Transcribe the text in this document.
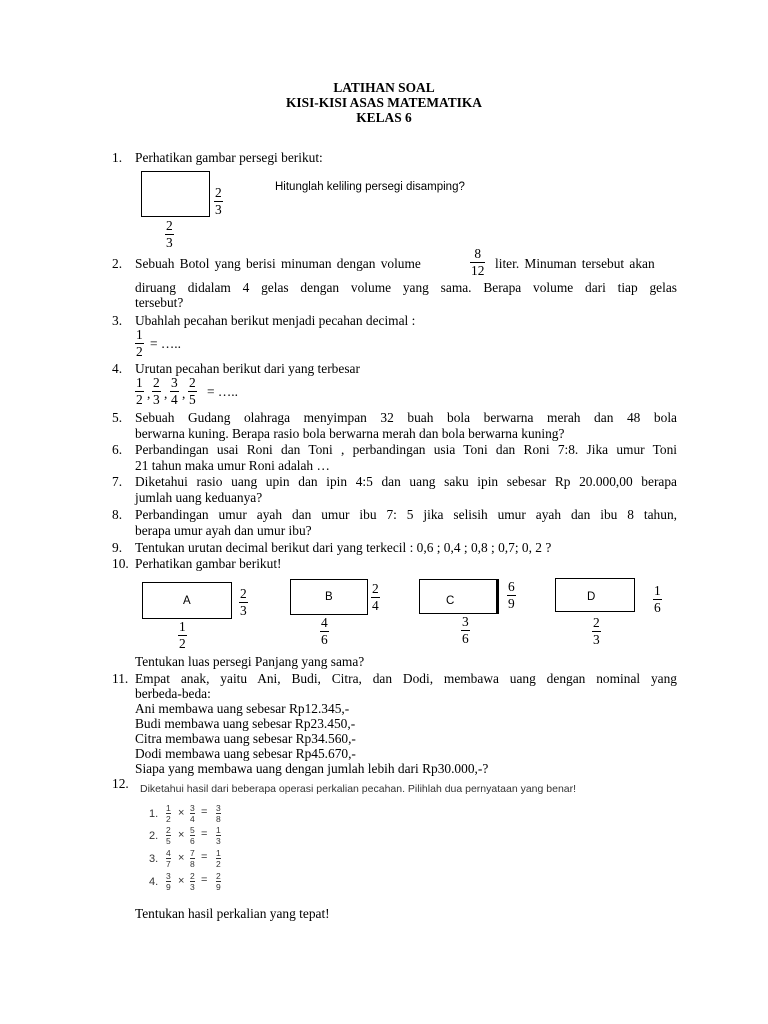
LATIHAN SOAL
KISI-KISI ASAS MATEMATIKA
KELAS 6
1. Perhatikan gambar persegi berikut:
2
3
2
3
Hitunglah keliling persegi disamping?
2. Sebuah Botol yang berisi minuman dengan volume
8
12 liter. Minuman tersebut akan
diruang didalam 4 gelas dengan volume yang sama. Berapa volume dari tiap gelas
tersebut?
3. Ubahlah pecahan berikut menjadi pecahan decimal :
1
2
= …..
4. Urutan pecahan berikut dari yang terbesar
1
2 ,
2
3 ,
3
4 ,
2
5
= …..
5. Sebuah Gudang olahraga menyimpan 32 buah bola berwarna merah dan 48 bola
berwarna kuning. Berapa rasio bola berwarna merah dan bola berwarna kuning?
6. Perbandingan usai Roni dan Toni , perbandingan usia Toni dan Roni 7:8. Jika umur Toni
21 tahun maka umur Roni adalah …
7. Diketahui rasio uang upin dan ipin 4:5 dan uang saku ipin sebesar Rp 20.000,00 berapa
jumlah uang keduanya?
8. Perbandingan umur ayah dan umur ibu 7: 5 jika selisih umur ayah dan ibu 8 tahun,
berapa umur ayah dan umur ibu?
9. Tentukan urutan decimal berikut dari yang terkecil : 0,6 ; 0,4 ; 0,8 ; 0,7; 0, 2 ?
10. Perhatikan gambar berikut!
A	2
3
1
2
B
2
4
4
6
C
6
9
3
6
D	1
6
2
3
Tentukan luas persegi Panjang yang sama?
11. Empat anak, yaitu Ani, Budi, Citra, dan Dodi, membawa uang dengan nominal yang
berbeda-beda:
Ani membawa uang sebesar Rp12.345,-
Budi membawa uang sebesar Rp23.450,-
Citra membawa uang sebesar Rp34.560,-
Dodi membawa uang sebesar Rp45.670,-
Siapa yang membawa uang dengan jumlah lebih dari Rp30.000,-?
12. Diketahui hasil dari beberapa operasi perkalian pecahan. Pilihlah dua pernyataan yang benar!
1. 1
2 × 3
4
= 3
8
2. 2
5 × 5
6
= 1
3
3. 4
7 × 7
8
= 1
2
4. 3
9 × 2
3
= 2
9
Tentukan hasil perkalian yang tepat!
